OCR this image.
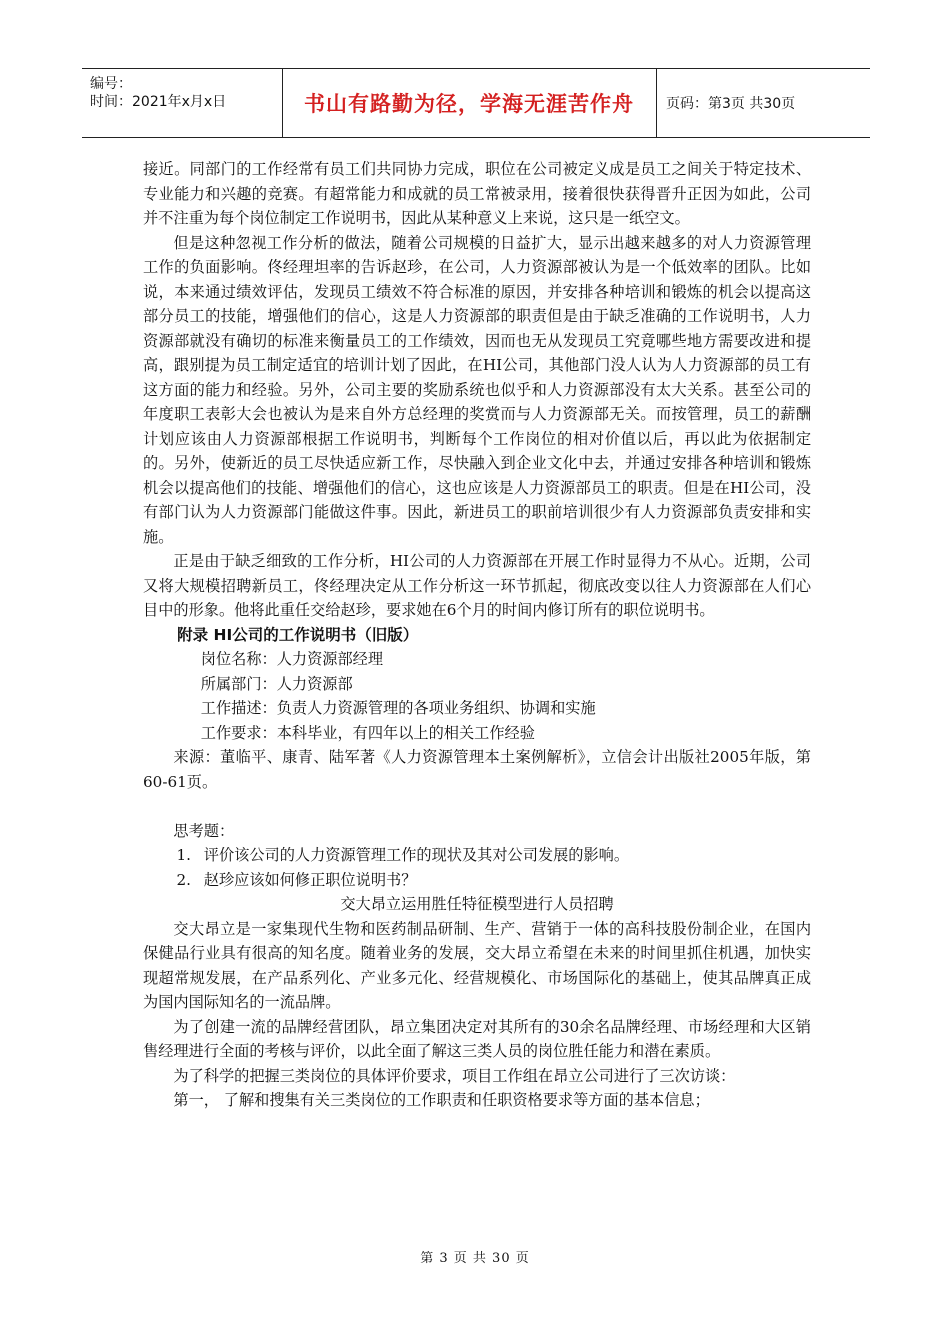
编号：
时间：2021年x月x日	书山有路勤为径，学海无涯苦作舟	页码：第3页 共30页

接近。同部门的工作经常有员工们共同协力完成，职位在公司被定义成是员工之间关于特定技术、专业能力和兴趣的竞赛。有超常能力和成就的员工常被录用，接着很快获得晋升正因为如此，公司并不注重为每个岗位制定工作说明书，因此从某种意义上来说，这只是一纸空文。

但是这种忽视工作分析的做法，随着公司规模的日益扩大，显示出越来越多的对人力资源管理工作的负面影响。佟经理坦率的告诉赵珍，在公司，人力资源部被认为是一个低效率的团队。比如说，本来通过绩效评估，发现员工绩效不符合标准的原因，并安排各种培训和锻炼的机会以提高这部分员工的技能，增强他们的信心，这是人力资源部的职责但是由于缺乏准确的工作说明书，人力资源部就没有确切的标准来衡量员工的工作绩效，因而也无从发现员工究竟哪些地方需要改进和提高，跟别提为员工制定适宜的培训计划了因此，在HI公司，其他部门没人认为人力资源部的员工有这方面的能力和经验。另外，公司主要的奖励系统也似乎和人力资源部没有太大关系。甚至公司的年度职工表彰大会也被认为是来自外方总经理的奖赏而与人力资源部无关。而按管理，员工的薪酬计划应该由人力资源部根据工作说明书，判断每个工作岗位的相对价值以后，再以此为依据制定的。另外，使新近的员工尽快适应新工作，尽快融入到企业文化中去，并通过安排各种培训和锻炼机会以提高他们的技能、增强他们的信心，这也应该是人力资源部员工的职责。但是在HI公司，没有部门认为人力资源部门能做这件事。因此，新进员工的职前培训很少有人力资源部负责安排和实施。

正是由于缺乏细致的工作分析，HI公司的人力资源部在开展工作时显得力不从心。近期，公司又将大规模招聘新员工，佟经理决定从工作分析这一环节抓起，彻底改变以往人力资源部在人们心目中的形象。他将此重任交给赵珍，要求她在6个月的时间内修订所有的职位说明书。

附录 HI公司的工作说明书（旧版）

岗位名称：人力资源部经理

所属部门：人力资源部

工作描述：负责人力资源管理的各项业务组织、协调和实施

工作要求：本科毕业，有四年以上的相关工作经验

来源：董临平、康青、陆军著《人力资源管理本土案例解析》，立信会计出版社2005年版，第60-61页。

思考题：

1. 评价该公司的人力资源管理工作的现状及其对公司发展的影响。

2. 赵珍应该如何修正职位说明书？

交大昂立运用胜任特征模型进行人员招聘

交大昂立是一家集现代生物和医药制品研制、生产、营销于一体的高科技股份制企业，在国内保健品行业具有很高的知名度。随着业务的发展，交大昂立希望在未来的时间里抓住机遇，加快实现超常规发展，在产品系列化、产业多元化、经营规模化、市场国际化的基础上，使其品牌真正成为国内国际知名的一流品牌。

为了创建一流的品牌经营团队，昂立集团决定对其所有的30余名品牌经理、市场经理和大区销售经理进行全面的考核与评价，以此全面了解这三类人员的岗位胜任能力和潜在素质。

为了科学的把握三类岗位的具体评价要求，项目工作组在昂立公司进行了三次访谈：

第一， 了解和搜集有关三类岗位的工作职责和任职资格要求等方面的基本信息；

第 3 页 共 30 页
